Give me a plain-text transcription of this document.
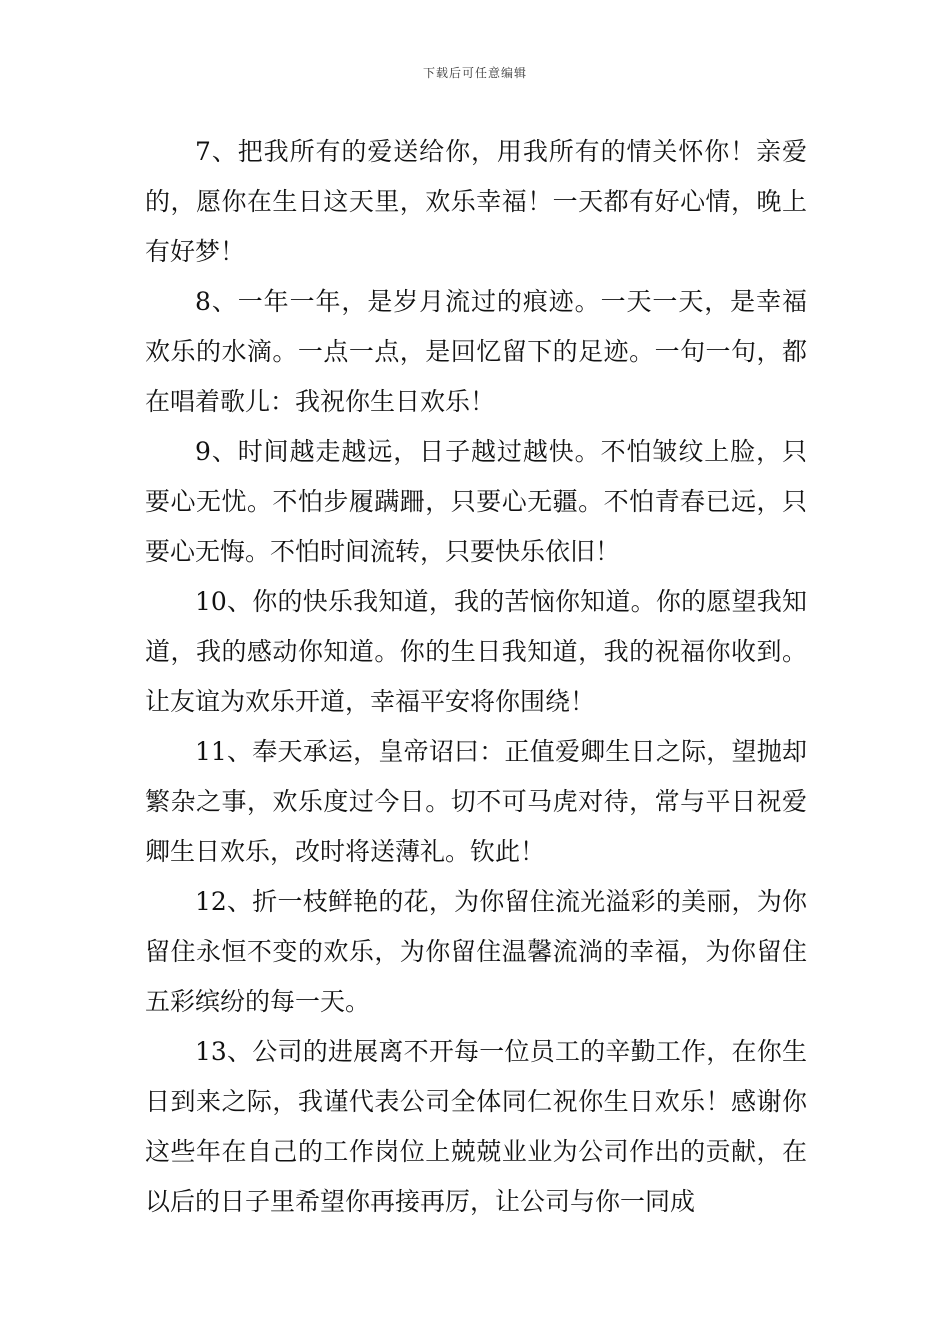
下载后可任意编辑

7、把我所有的爱送给你，用我所有的情关怀你！亲爱的，愿你在生日这天里，欢乐幸福！一天都有好心情，晚上有好梦！

8、一年一年，是岁月流过的痕迹。一天一天，是幸福欢乐的水滴。一点一点，是回忆留下的足迹。一句一句，都在唱着歌儿：我祝你生日欢乐！

9、时间越走越远，日子越过越快。不怕皱纹上脸，只要心无忧。不怕步履蹒跚，只要心无疆。不怕青春已远，只要心无悔。不怕时间流转，只要快乐依旧！

10、你的快乐我知道，我的苦恼你知道。你的愿望我知道，我的感动你知道。你的生日我知道，我的祝福你收到。让友谊为欢乐开道，幸福平安将你围绕！

11、奉天承运，皇帝诏曰：正值爱卿生日之际，望抛却繁杂之事，欢乐度过今日。切不可马虎对待，常与平日祝爱卿生日欢乐，改时将送薄礼。钦此！

12、折一枝鲜艳的花，为你留住流光溢彩的美丽，为你留住永恒不变的欢乐，为你留住温馨流淌的幸福，为你留住五彩缤纷的每一天。

13、公司的进展离不开每一位员工的辛勤工作，在你生日到来之际，我谨代表公司全体同仁祝你生日欢乐！感谢你这些年在自己的工作岗位上兢兢业业为公司作出的贡献，在以后的日子里希望你再接再厉，让公司与你一同成
